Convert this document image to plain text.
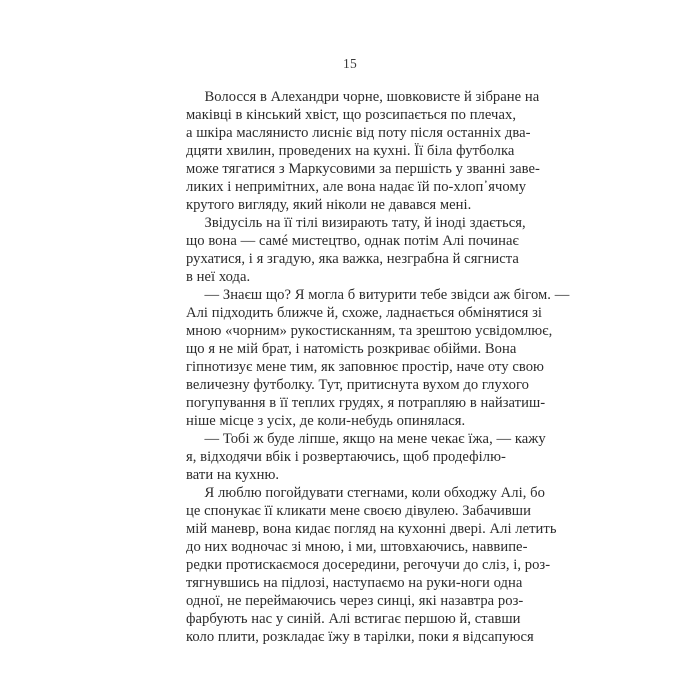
15

Волосся в Алехандри чорне, шовковисте й зібране на
маківці в кінський хвіст, що розсипається по плечах,
а шкіра маслянисто лисніє від поту після останніх два-
дцяти хвилин, проведених на кухні. Її біла футболка
може тягатися з Маркусовими за першість у званні заве-
ликих і непримітних, але вона надає їй по-хлоп᾽ячому
крутого вигляду, який ніколи не давався мені.

Звідусіль на її тілі визирають тату, й іноді здається,
що вона — самé мистецтво, однак потім Алі починає
рухатися, і я згадую, яка важка, незграбна й сягниста
в неї хода.

— Знаєш що? Я могла б витурити тебе звідси аж бігом. —
Алі підходить ближче й, схоже, ладнається обмінятися зі
мною «чорним» рукостисканням, та зрештою усвідомлює,
що я не мій брат, і натомість розкриває обійми. Вона
гіпнотизує мене тим, як заповнює простір, наче оту свою
величезну футболку. Тут, притиснута вухом до глухого
погупування в її теплих грудях, я потрапляю в найзатиш-
ніше місце з усіх, де коли-небудь опинялася.

— Тобі ж буде ліпше, якщо на мене чекає їжа, — кажу
я, відходячи вбік і розвертаючись, щоб продефілю-
вати на кухню.

Я люблю погойдувати стегнами, коли обходжу Алі, бо
це спонукає її кликати мене своєю дівулею. Забачивши
мій маневр, вона кидає погляд на кухонні двері. Алі летить
до них водночас зі мною, і ми, штовхаючись, наввипе-
редки протискаємося досередини, регочучи до сліз, і, роз-
тягнувшись на підлозі, наступаємо на руки-ноги одна
одної, не переймаючись через синці, які назавтра роз-
фарбують нас у синій. Алі встигає першою й, ставши
коло плити, розкладає їжу в тарілки, поки я відсапуюся
